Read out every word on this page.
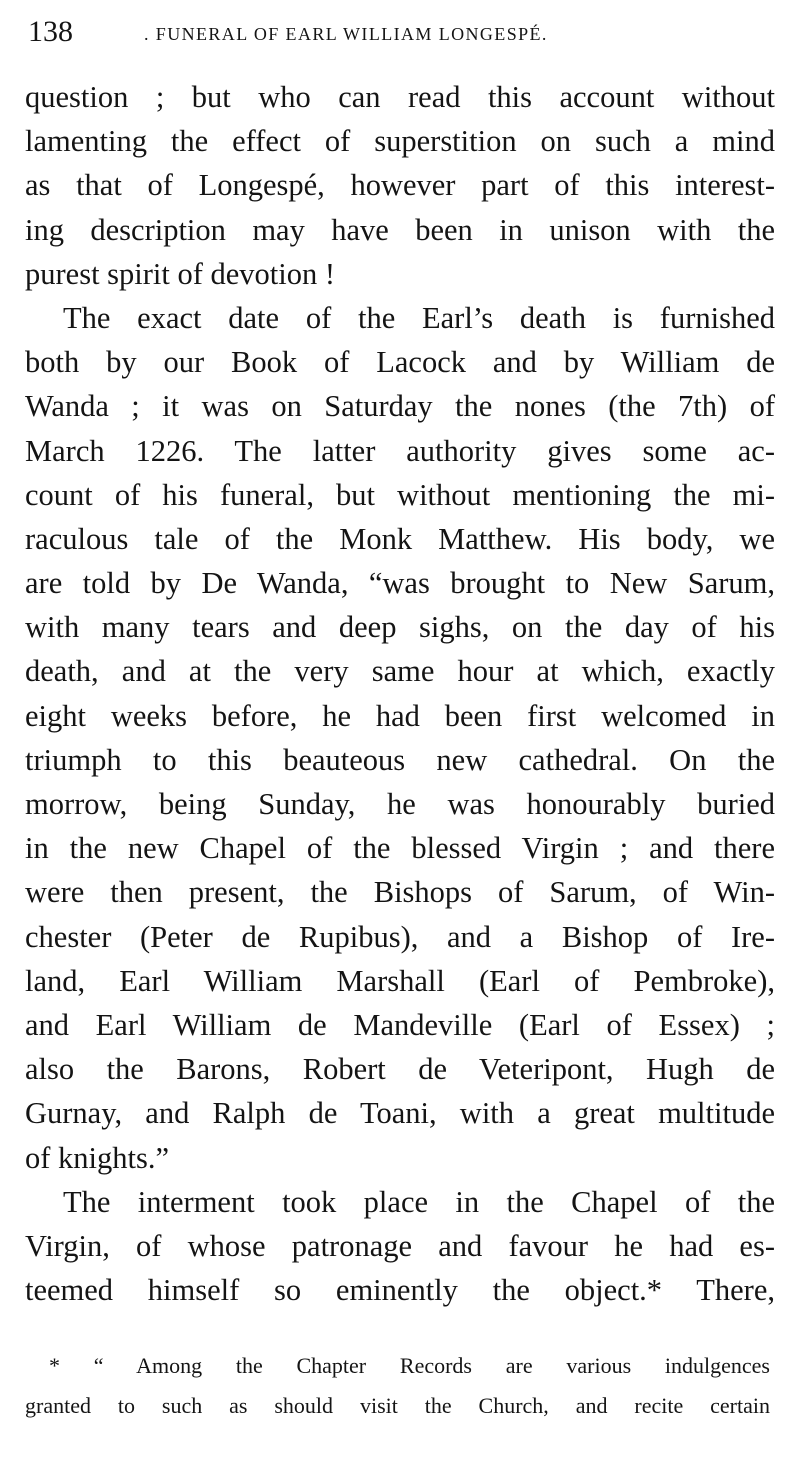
138	. FUNERAL OF EARL WILLIAM LONGESPÉ.
question ; but who can read this account without
lamenting the effect of superstition on such a mind
as that of Longespé, however part of this interest-
ing description may have been in unison with the
purest spirit of devotion !
The exact date of the Earl’s death is furnished
both by our Book of Lacock and by William de
Wanda ; it was on Saturday the nones (the 7th) of
March 1226. The latter authority gives some ac-
count of his funeral, but without mentioning the mi-
raculous tale of the Monk Matthew. His body, we
are told by De Wanda, “was brought to New Sarum,
with many tears and deep sighs, on the day of his
death, and at the very same hour at which, exactly
eight weeks before, he had been first welcomed in
triumph to this beauteous new cathedral. On the
morrow, being Sunday, he was honourably buried
in the new Chapel of the blessed Virgin ; and there
were then present, the Bishops of Sarum, of Win-
chester (Peter de Rupibus), and a Bishop of Ire-
land, Earl William Marshall (Earl of Pembroke),
and Earl William de Mandeville (Earl of Essex) ;
also the Barons, Robert de Veteripont, Hugh de
Gurnay, and Ralph de Toani, with a great multitude
of knights.”
The interment took place in the Chapel of the
Virgin, of whose patronage and favour he had es-
teemed himself so eminently the object.* There,
* “ Among the Chapter Records are various indulgences
granted to such as should visit the Church, and recite certain
